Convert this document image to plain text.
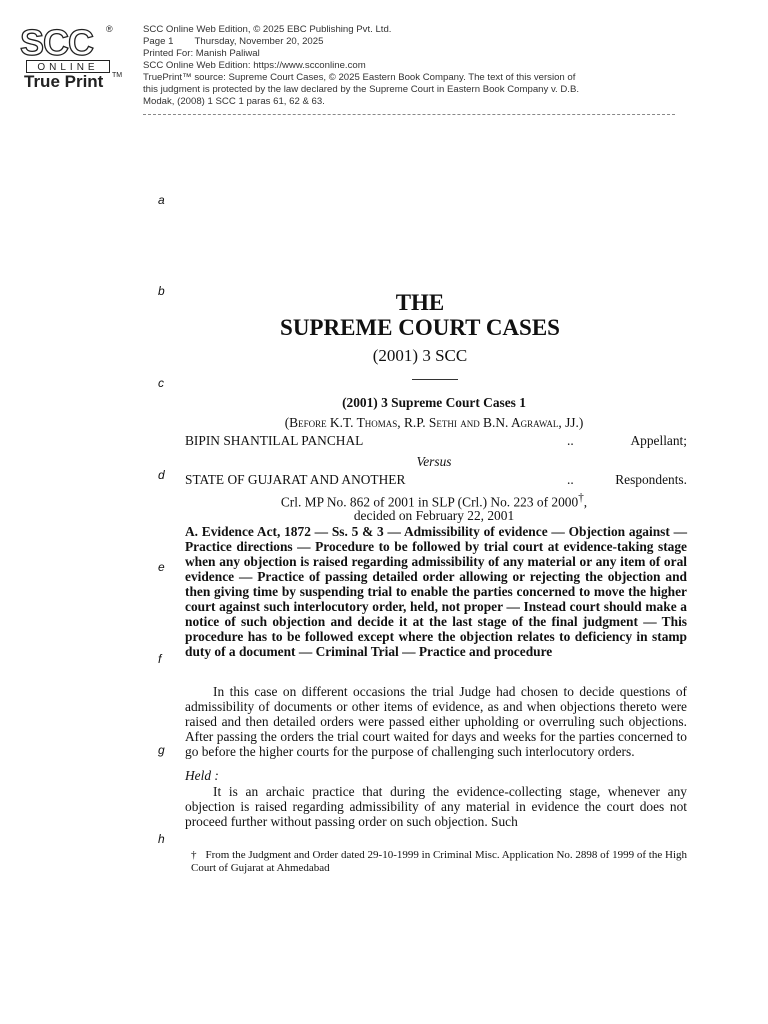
SCC ®
ONLINE
True Print TM
SCC Online Web Edition, © 2025 EBC Publishing Pvt. Ltd.
Page 1        Thursday, November 20, 2025
Printed For: Manish Paliwal
SCC Online Web Edition: https://www.scconline.com
TruePrint™ source: Supreme Court Cases, © 2025 Eastern Book Company. The text of this version of
this judgment is protected by the law declared by the Supreme Court in Eastern Book Company v. D.B.
Modak, (2008) 1 SCC 1 paras 61, 62 & 63.
a
b
c
d
e
f
g
h
THE
SUPREME COURT CASES
(2001) 3 SCC
(2001) 3 Supreme Court Cases 1
(Before K.T. Thomas, R.P. Sethi and B.N. Agrawal, JJ.)
BIPIN SHANTILAL PANCHAL	..	Appellant;
Versus
STATE OF GUJARAT AND ANOTHER	..	Respondents.
Crl. MP No. 862 of 2001 in SLP (Crl.) No. 223 of 2000†,
decided on February 22, 2001
A. Evidence Act, 1872 — Ss. 5 & 3 — Admissibility of evidence — Objection against — Practice directions — Procedure to be followed by trial court at evidence-taking stage when any objection is raised regarding admissibility of any material or any item of oral evidence — Practice of passing detailed order allowing or rejecting the objection and then giving time by suspending trial to enable the parties concerned to move the higher court against such interlocutory order, held, not proper — Instead court should make a notice of such objection and decide it at the last stage of the final judgment — This procedure has to be followed except where the objection relates to deficiency in stamp duty of a document — Criminal Trial — Practice and procedure
In this case on different occasions the trial Judge had chosen to decide questions of admissibility of documents or other items of evidence, as and when objections thereto were raised and then detailed orders were passed either upholding or overruling such objections. After passing the orders the trial court waited for days and weeks for the parties concerned to go before the higher courts for the purpose of challenging such interlocutory orders.
Held :
It is an archaic practice that during the evidence-collecting stage, whenever any objection is raised regarding admissibility of any material in evidence the court does not proceed further without passing order on such objection. Such
† From the Judgment and Order dated 29-10-1999 in Criminal Misc. Application No. 2898 of 1999 of the High Court of Gujarat at Ahmedabad
